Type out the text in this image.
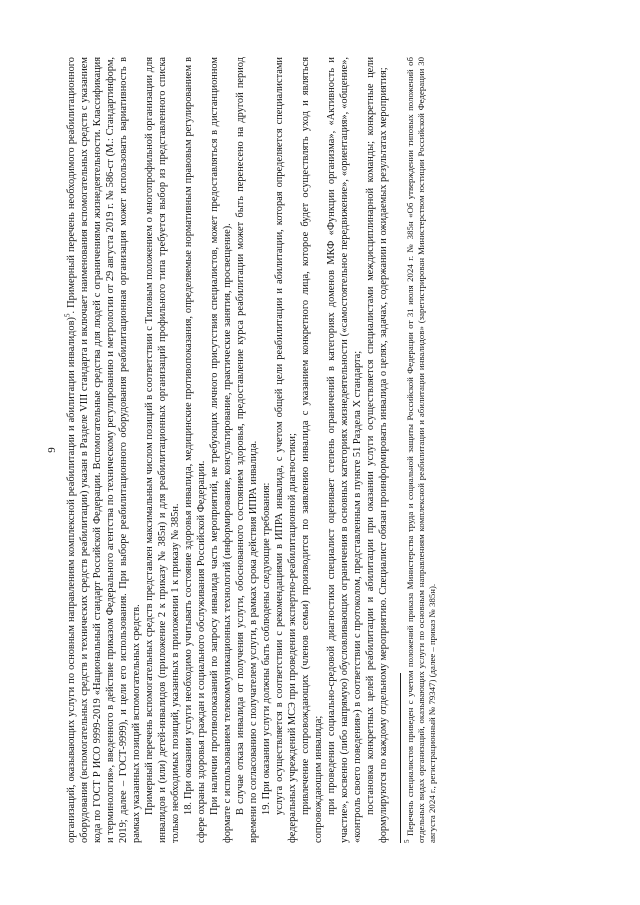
9 организаций, оказывающих услуги по основным направлениям комплексной реабилитации и абилитации инвалидов)$^5$. Примерный перечень необходимого реабилитационного оборудования (вспомогательных средств и технических средств реабилитации) указан в Разделе VIII стандарта и включает наименования вспомогательных средств с указанием кода по ГОСТ Р ИСО 9999-2019 «Национальный стандарт Российской Федерации. Вспомогательные средства для людей с ограничениями жизнедеятельности. Классификация и терминология», введенного в действие приказом Федерального агентства по техническому регулированию и метрологии от 29 августа 2019 г. № 586-ст (М.: Стандартинформ, 2019; далее – ГОСТ-9999), и цели его использования. При выборе реабилитационного оборудования реабилитационная организация может использовать вариативность в рамках указанных позиций вспомогательных средств. Примерный перечень вспомогательных средств представлен максимальным числом позиций в соответствии с Типовым положением о многопрофильной организации для инвалидов и (или) детей-инвалидов (приложение 2 к приказу № 385н) и для реабилитационных организаций профильного типа требуется выбор из представленного списка только необходимых позиций, указанных в приложении 1 к приказу № 385н. 18. При оказании услуги необходимо учитывать состояние здоровья инвалида, медицинские противопоказания, определяемые нормативным правовым регулированием в сфере охраны здоровья граждан и социального обслуживания Российской Федерации. При наличии противопоказаний по запросу инвалида часть мероприятий, не требующих личного присутствия специалистов, может предоставляться в дистанционном формате с использованием телекоммуникационных технологий (информирование, консультирование, практические занятия, просвещение). В случае отказа инвалида от получения услуги, обоснованного состоянием здоровья, предоставление курса реабилитации может быть перенесено на другой период времени по согласованию с получателем услуги, в рамках срока действия ИПРА инвалида. 19. При оказании услуги должны быть соблюдены следующие требования: услуга осуществляется в соответствии с рекомендациями в ИПРА инвалида, с учетом общей цели реабилитации и абилитации, которая определяется специалистами федеральных учреждений МСЭ при проведении экспертно-реабилитационной диагностики; привлечение сопровождающих (членов семьи) производится по заявлению инвалида с указанием конкретного лица, которое будет осуществлять уход и являться сопровождающим инвалида; при проведении социально-средовой диагностики специалист оценивает степень ограничений в категориях доменов МКФ «Функции организма», «Активность и участие», косвенно (либо напрямую) обусловливающих ограничения в основных категориях жизнедеятельности («самостоятельное передвижение», «ориентация», «общение», «контроль своего поведения») в соответствии с протоколом, представленным в пункте 51 Раздела X стандарта; постановка конкретных целей реабилитации и абилитации при оказании услуги осуществляется специалистами междисциплинарной команды; конкретные цели формулируются по каждому отдельному мероприятию. Специалист обязан проинформировать инвалида о целях, задачах, содержании и ожидаемых результатах мероприятия; $^5$ Перечень специалистов приведен с учетом положений приказа Министерства труда и социальной защиты Российской Федерации от 31 июля 2024 г. № 385н «Об утверждении типовых положений об отдельных видах организаций, оказывающих услуги по основным направлениям комплексной реабилитации и абилитации инвалидов» (зарегистрирован Министерством юстиции Российской Федерации 30 августа 2024 г., регистрационный № 79347) (далее – приказ № 385н).
